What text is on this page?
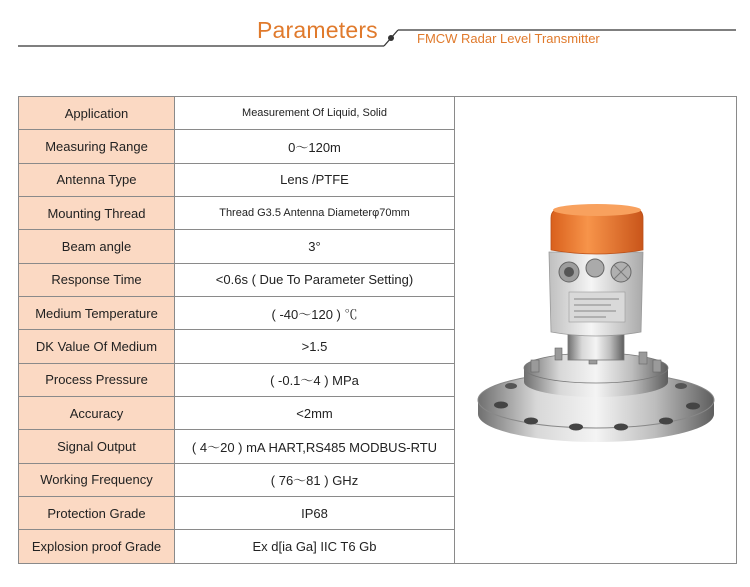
Parameters	FMCW Radar Level Transmitter
Application	Measurement Of Liquid, Solid	

Measuring Range	0～120m	
Antenna Type	Lens /PTFE	
Mounting Thread	Thread G3.5 Antenna Diameterφ70mm	
Beam angle	3°	
Response Time	<0.6s ( Due To Parameter Setting)	
Medium Temperature	( -40～120 ) ℃	
DK Value Of Medium	>1.5	
Process Pressure	( -0.1～4 ) MPa	
Accuracy	<2mm	
Signal Output	( 4～20 ) mA HART,RS485 MODBUS-RTU	
Working Frequency	( 76～81 ) GHz	
Protection Grade	IP68	
Explosion proof Grade	Ex d[ia Ga] IIC T6 Gb	
